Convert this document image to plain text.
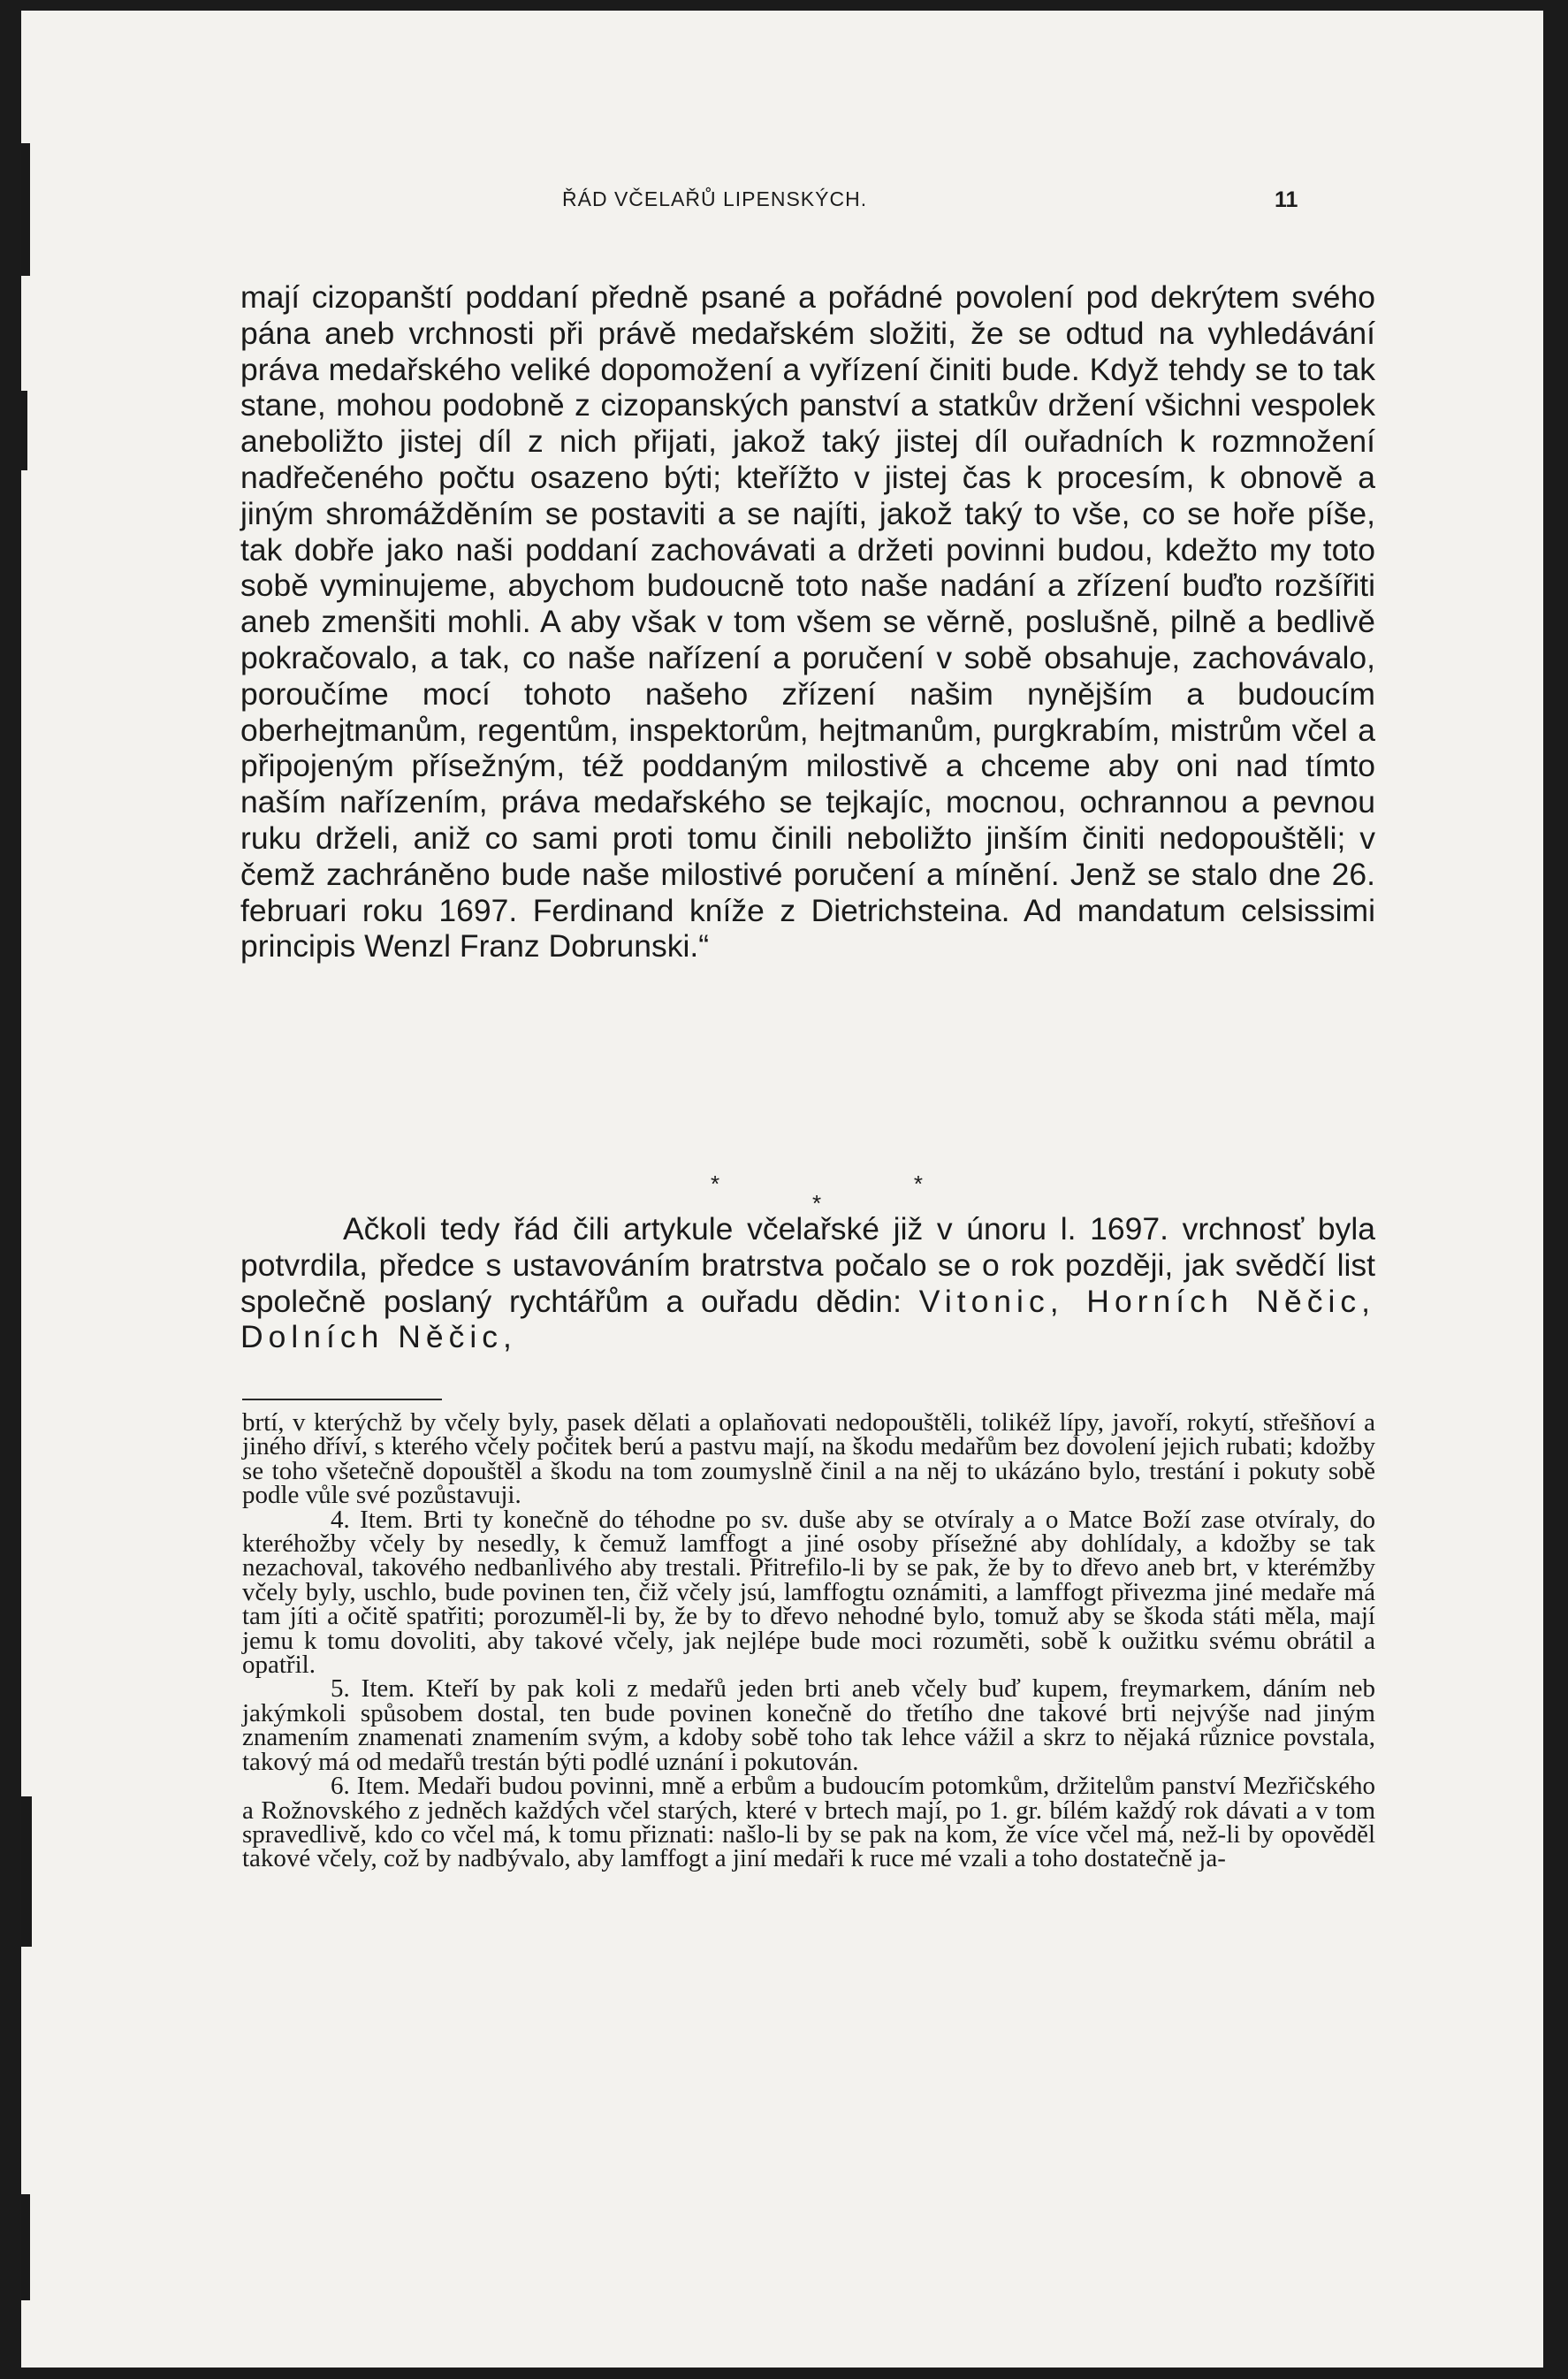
ŘÁD VČELAŘŮ LIPENSKÝCH.	11

mají cizopanští poddaní předně psané a pořádné povolení pod dekrýtem svého pána aneb vrchnosti při právě medařském složiti, že se odtud na vyhledávání práva medařského veliké dopomožení a vyřízení činiti bude. Když tehdy se to tak stane, mohou podobně z cizopanských panství a statkův držení všichni vespolek aneboližto jistej díl z nich přijati, jakož taký jistej díl ouřadních k rozmnožení nadřečeného počtu osazeno býti; kteřížto v jistej čas k procesím, k obnově a jiným shromážděním se postaviti a se najíti, jakož taký to vše, co se hoře píše, tak dobře jako naši poddaní zachovávati a držeti povinni budou, kdežto my toto sobě vyminujeme, abychom budoucně toto naše nadání a zřízení buďto rozšířiti aneb zmenšiti mohli. A aby však v tom všem se věrně, poslušně, pilně a bedlivě pokračovalo, a tak, co naše nařízení a poručení v sobě obsahuje, zachovávalo, poroučíme mocí tohoto našeho zřízení našim nynějším a budoucím oberhejtmanům, regentům, inspektorům, hejtmanům, purgkrabím, mistrům včel a připojeným přísežným, též poddaným milostivě a chceme aby oni nad tímto naším nařízením, práva medařského se tejkajíc, mocnou, ochrannou a pevnou ruku drželi, aniž co sami proti tomu činili neboližto jinším činiti nedopouštěli; v čemž zachráněno bude naše milostivé poručení a mínění. Jenž se stalo dne 26. februari roku 1697. Ferdinand kníže z Dietrichsteina. Ad mandatum celsissimi principis Wenzl Franz Dobrunski.“

*	*
*

Ačkoli tedy řád čili artykule včelařské již v únoru l. 1697. vrchnosť byla potvrdila, předce s ustavováním bratrstva počalo se o rok později, jak svědčí list společně poslaný rychtářům a ouřadu dědin: Vitonic, Horních Něčic, Dolních Něčic,

brtí, v kterýchž by včely byly, pasek dělati a oplaňovati nedopouštěli, tolikéž lípy, javoří, rokytí, střešňoví a jiného dříví, s kterého včely počitek berú a pastvu mají, na škodu medařům bez dovolení jejich rubati; kdožby se toho všetečně dopouštěl a škodu na tom zoumyslně činil a na něj to ukázáno bylo, trestání i pokuty sobě podle vůle své pozůstavuji.

4. Item. Brti ty konečně do téhodne po sv. duše aby se otvíraly a o Matce Boží zase otvíraly, do kteréhožby včely by nesedly, k čemuž lamffogt a jiné osoby přísežné aby dohlídaly, a kdožby se tak nezachoval, takového nedbanlivého aby trestali. Přitrefilo-li by se pak, že by to dřevo aneb brt, v kterémžby včely byly, uschlo, bude povinen ten, čiž včely jsú, lamffogtu oznámiti, a lamffogt přivezma jiné medaře má tam jíti a očitě spatřiti; porozuměl-li by, že by to dřevo nehodné bylo, tomuž aby se škoda státi měla, mají jemu k tomu dovoliti, aby takové včely, jak nejlépe bude moci rozuměti, sobě k oužitku svému obrátil a opatřil.

5. Item. Kteří by pak koli z medařů jeden brti aneb včely buď kupem, freymarkem, dáním neb jakýmkoli spůsobem dostal, ten bude povinen konečně do třetího dne takové brti nejvýše nad jiným znamením znamenati znamením svým, a kdoby sobě toho tak lehce vážil a skrz to nějaká různice povstala, takový má od medařů trestán býti podlé uznání i pokutován.

6. Item. Medaři budou povinni, mně a erbům a budoucím potomkům, držitelům panství Mezřičského a Rožnovského z jedněch každých včel starých, které v brtech mají, po 1. gr. bílém každý rok dávati a v tom spravedlivě, kdo co včel má, k tomu přiznati: našlo-li by se pak na kom, že více včel má, než-li by opověděl takové včely, což by nadbývalo, aby lamffogt a jiní medaři k ruce mé vzali a toho dostatečně ja-
